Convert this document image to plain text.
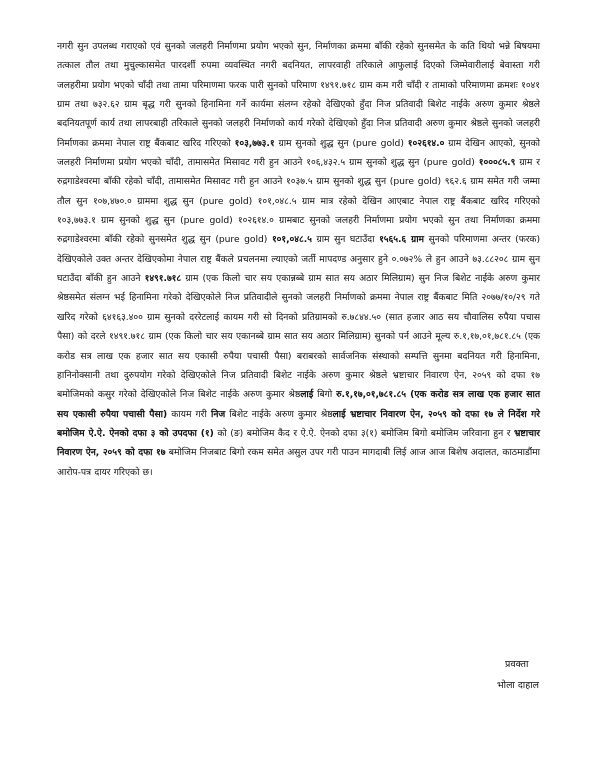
नगरी सुन उपलब्ध गराएको एवं सुनको जलहरी निर्माणमा प्रयोग भएको सुन, निर्माणका क्रममा बाँकी रहेको सुनसमेत के कति थियो भन्ने बिषयमा तत्काल तौल तथा मुचुल्कासमेत पारदर्शी रुपमा व्यवस्थित नगरी बदनियत, लापरवाही तरिकाले आफुलाई दिएको जिम्मेवारीलाई बेवास्ता गरी जलहरीमा प्रयोग भएको चाँदी तथा तामा परिमाणमा फरक पारी सुनको परिमाण १४९१.७१८ ग्राम कम गरी चाँदी र तामाको परिमाणमा क्रमशः १०४१ ग्राम तथा ७३२.६२ ग्राम बृद्ध गरी सुनको हिनामिना गर्ने कार्यमा संलग्न रहेको देखिएको हुँदा निज प्रतिवादी बिशेट नाईके अरुण कुमार श्रेष्ठले बदनियतपूर्ण कार्य तथा लापरबाही तरिकाले सुनको जलहरी निर्माणको कार्य गरेको देखिएको हुँदा निज प्रतिवादी अरुण कुमार श्रेष्ठले सुनको जलहरी निर्माणका क्रममा नेपाल राष्ट्र बैंकबाट खरिद गरिएको १०३,७७३.१ ग्राम सुनको शुद्ध सुन (pure gold) १०२६१४.० ग्राम देखिन आएको, सुनको जलहरी निर्माणमा प्रयोग भएको चाँदी, तामासमेत मिसावट गरी हुन आउने १०६,४३२.५ ग्राम सुनको शुद्ध सुन (pure gold) १०००८५.९ ग्राम र रुद्रगाडेश्वरमा बाँकी रहेको चाँदी, तामासमेत मिसावट गरी हुन आउने १०३७.५ ग्राम सुनको शुद्ध सुन (pure gold) ९६२.६ ग्राम समेत गरी जम्मा तौल सुन १०७,४७०.० ग्राममा शुद्ध सुन (pure gold) १०१,०४८.५ ग्राम मात्र रहेको देखिन आएबाट नेपाल राष्ट्र बैंकबाट खरिद गरिएको १०३,७७३.१ ग्राम सुनको शुद्ध सुन (pure gold) १०२६१४.० ग्रामबाट सुनको जलहरी निर्माणमा प्रयोग भएको सुन तथा निर्माणका क्रममा रुद्रगाडेश्वरमा बाँकी रहेको सुनसमेत शुद्ध सुन (pure gold) १०१,०४८.५ ग्राम सुन घटाउँदा १५६५.६ ग्राम सुनको परिमाणमा अन्तर (फरक) देखिएकोले उक्त अन्तर देखिएकोमा नेपाल राष्ट्र बैंकले प्रचलनमा ल्याएको जर्ती मापदण्ड अनुसार हुने ०.०७२% ले हुन आउने ७३.८८२०८ ग्राम सुन घटाउँदा बाँकी हुन आउने १४९१.७१८ ग्राम (एक किलो चार सय एकान्नब्बे ग्राम सात सय अठार मिलिग्राम) सुन निज बिशेट नाईके अरुण कुमार श्रेष्ठसमेत संलग्न भई हिनामिना गरेको देखिएकोले निज प्रतिवादीले सुनको जलहरी निर्माणको क्रममा नेपाल राष्ट्र बैंकबाट मिति २०७७/१०/२९ गते खरिद गरेको ६४१६३.४०० ग्राम सुनको दररेटलाई कायम गरी सो दिनको प्रतिग्रामको रु.७८४४.५० (सात हजार आठ सय चौवालिस रुपैया पचास पैसा) को दरले १४९१.७१८ ग्राम (एक किलो चार सय एकानब्बे ग्राम सात सय अठार मिलिग्राम) सुनको पर्न आउने मूल्य रु.१,१७,०१,७८१.८५ (एक करोड सत्र लाख एक हजार सात सय एकासी रुपैया पचासी पैसा) बराबरको सार्वजनिक संस्थाको सम्पत्ति सुनमा बदनियत गरी हिनामिना, हानिनोक्सानी तथा दुरुपयोग गरेको देखिएकोले निज प्रतिवादी बिशेट नाईके अरुण कुमार श्रेष्ठले भ्रष्टाचार निवारण ऐन, २०५९ को दफा १७ बमोजिमको कसुर गरेको देखिएकोले निज बिशेट नाईके अरुण कुमार श्रेष्ठलाई बिगो रु.१,१७,०१,७८१.८५ (एक करोड सत्र लाख एक हजार सात सय एकासी रुपैया पचासी पैसा) कायम गरी निज बिशेट नाईके अरुण कुमार श्रेष्ठलाई भ्रष्टाचार निवारण ऐन, २०५९ को दफा १७ ले निर्देश गरे बमोजिम ऐ.ऐ. ऐनको दफा ३ को उपदफा (१) को (ङ) बमोजिम कैद र ऐ.ऐ. ऐनको दफा ३(१) बमोजिम बिगो बमोजिम जरिवाना हुन र भ्रष्टाचार निवारण ऐन, २०५९ को दफा १७ बमोजिम निजबाट बिगो रकम समेत असुल उपर गरी पाउन मागदाबी लिई आज आज बिशेष अदालत, काठमाडौंमा आरोप-पत्र दायर गरिएको छ।

प्रवक्ता
भोला दाहाल
